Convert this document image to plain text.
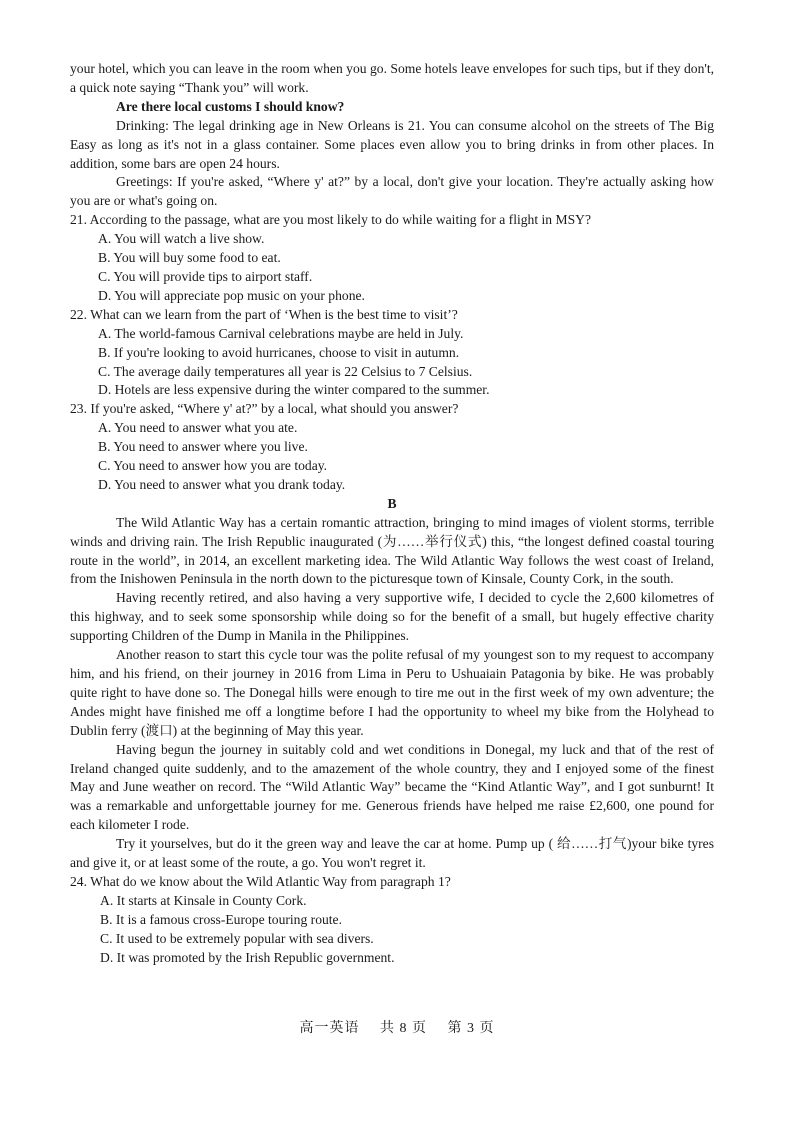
your hotel, which you can leave in the room when you go. Some hotels leave envelopes for such tips, but if they don't, a quick note saying “Thank you” will work.

Are there local customs I should know?

Drinking: The legal drinking age in New Orleans is 21. You can consume alcohol on the streets of The Big Easy as long as it's not in a glass container. Some places even allow you to bring drinks in from other places. In addition, some bars are open 24 hours.

Greetings: If you're asked, “Where y' at?” by a local, don't give your location. They're actually asking how you are or what's going on.

21. According to the passage, what are you most likely to do while waiting for a flight in MSY?

A. You will watch a live show.
B. You will buy some food to eat.
C. You will provide tips to airport staff.
D. You will appreciate pop music on your phone.

22. What can we learn from the part of ‘When is the best time to visit’?

A. The world-famous Carnival celebrations maybe are held in July.
B. If you're looking to avoid hurricanes, choose to visit in autumn.
C. The average daily temperatures all year is 22 Celsius to 7 Celsius.
D. Hotels are less expensive during the winter compared to the summer.

23. If you're asked, “Where y' at?” by a local, what should you answer?

A. You need to answer what you ate.
B. You need to answer where you live.
C. You need to answer how you are today.
D. You need to answer what you drank today.

B

The Wild Atlantic Way has a certain romantic attraction, bringing to mind images of violent storms, terrible winds and driving rain. The Irish Republic inaugurated (为……举行仪式) this, “the longest defined coastal touring route in the world”, in 2014, an excellent marketing idea. The Wild Atlantic Way follows the west coast of Ireland, from the Inishowen Peninsula in the north down to the picturesque town of Kinsale, County Cork, in the south.

Having recently retired, and also having a very supportive wife, I decided to cycle the 2,600 kilometres of this highway, and to seek some sponsorship while doing so for the benefit of a small, but hugely effective charity supporting Children of the Dump in Manila in the Philippines.

Another reason to start this cycle tour was the polite refusal of my youngest son to my request to accompany him, and his friend, on their journey in 2016 from Lima in Peru to Ushuaiain Patagonia by bike. He was probably quite right to have done so. The Donegal hills were enough to tire me out in the first week of my own adventure; the Andes might have finished me off a longtime before I had the opportunity to wheel my bike from the Holyhead to Dublin ferry (渡口) at the beginning of May this year.

Having begun the journey in suitably cold and wet conditions in Donegal, my luck and that of the rest of Ireland changed quite suddenly, and to the amazement of the whole country, they and I enjoyed some of the finest May and June weather on record. The “Wild Atlantic Way” became the “Kind Atlantic Way”, and I got sunburnt! It was a remarkable and unforgettable journey for me. Generous friends have helped me raise £2,600, one pound for each kilometer I rode.

Try it yourselves, but do it the green way and leave the car at home. Pump up ( 给……打气)your bike tyres and give it, or at least some of the route, a go. You won't regret it.

24. What do we know about the Wild Atlantic Way from paragraph 1?

A. It starts at Kinsale in County Cork.
B. It is a famous cross-Europe touring route.
C. It used to be extremely popular with sea divers.
D. It was promoted by the Irish Republic government.
高一英语 共 8 页 第 3 页
